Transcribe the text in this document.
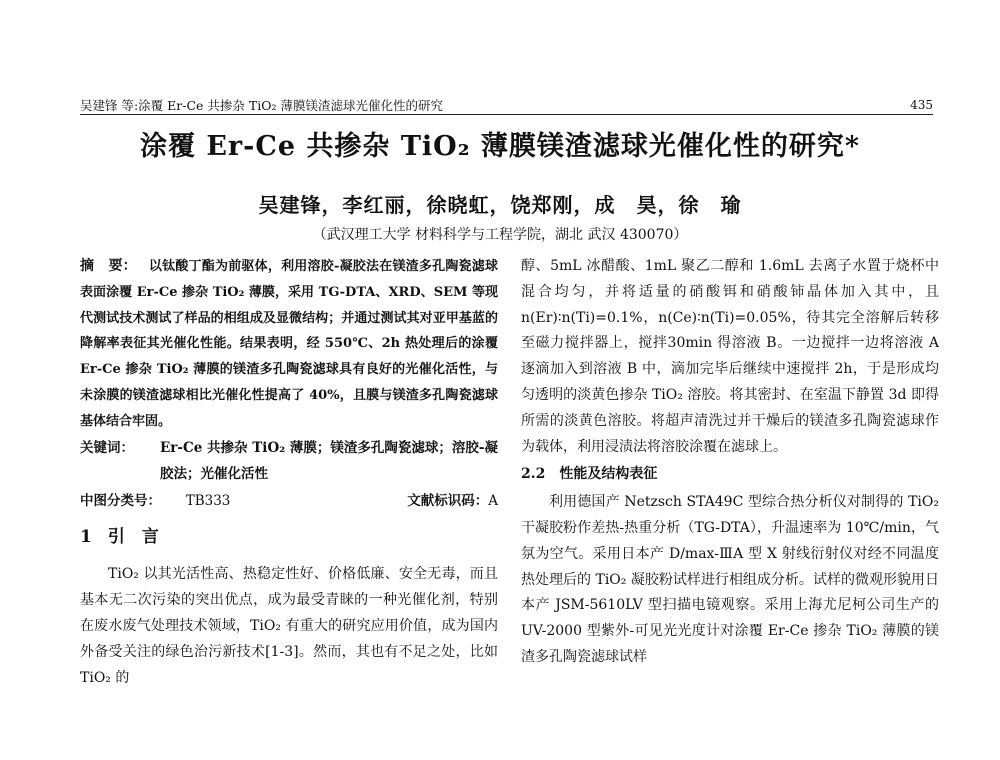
吴建锋 等:涂覆 Er-Ce 共掺杂 TiO₂ 薄膜镁渣滤球光催化性的研究	435
涂覆 Er-Ce 共掺杂 TiO₂ 薄膜镁渣滤球光催化性的研究*
吴建锋，李红丽，徐晓虹，饶郑刚，成　昊，徐　瑜
（武汉理工大学 材料科学与工程学院，湖北 武汉 430070）

摘　要： 以钛酸丁酯为前驱体，利用溶胶-凝胶法在镁渣多孔陶瓷滤球表面涂覆 Er-Ce 掺杂 TiO₂ 薄膜，采用 TG-DTA、XRD、SEM 等现代测试技术测试了样品的相组成及显微结构；并通过测试其对亚甲基蓝的降解率表征其光催化性能。结果表明，经 550℃、2h 热处理后的涂覆 Er-Ce 掺杂 TiO₂ 薄膜的镁渣多孔陶瓷滤球具有良好的光催化活性，与未涂膜的镁渣滤球相比光催化性提高了 40%，且膜与镁渣多孔陶瓷滤球基体结合牢固。

关键词： Er-Ce 共掺杂 TiO₂ 薄膜；镁渣多孔陶瓷滤球；溶胶-凝胶法；光催化活性

中图分类号： TB333	文献标识码：A
1 引　言

TiO₂ 以其光活性高、热稳定性好、价格低廉、安全无毒，而且基本无二次污染的突出优点，成为最受青睐的一种光催化剂，特别在废水废气处理技术领域，TiO₂ 有重大的研究应用价值，成为国内外备受关注的绿色治污新技术[1-3]。然而，其也有不足之处，比如 TiO₂ 的

醇、5mL 冰醋酸、1mL 聚乙二醇和 1.6mL 去离子水置于烧杯中混合均匀，并将适量的硝酸铒和硝酸铈晶体加入其中，且 n(Er)∶n(Ti)=0.1%，n(Ce)∶n(Ti)=0.05%，待其完全溶解后转移至磁力搅拌器上，搅拌30min 得溶液 B。一边搅拌一边将溶液 A 逐滴加入到溶液 B 中，滴加完毕后继续中速搅拌 2h，于是形成均匀透明的淡黄色掺杂 TiO₂ 溶胶。将其密封、在室温下静置 3d 即得所需的淡黄色溶胶。将超声清洗过并干燥后的镁渣多孔陶瓷滤球作为载体，利用浸渍法将溶胶涂覆在滤球上。

2.2　性能及结构表征

利用德国产 Netzsch STA49C 型综合热分析仪对制得的 TiO₂ 干凝胶粉作差热-热重分析（TG-DTA），升温速率为 10℃/min，气氛为空气。采用日本产 D/max-ⅢA 型 X 射线衍射仪对经不同温度热处理后的 TiO₂ 凝胶粉试样进行相组成分析。试样的微观形貌用日本产 JSM-5610LV 型扫描电镜观察。采用上海尤尼柯公司生产的 UV-2000 型紫外-可见光光度计对涂覆 Er-Ce 掺杂 TiO₂ 薄膜的镁渣多孔陶瓷滤球试样
